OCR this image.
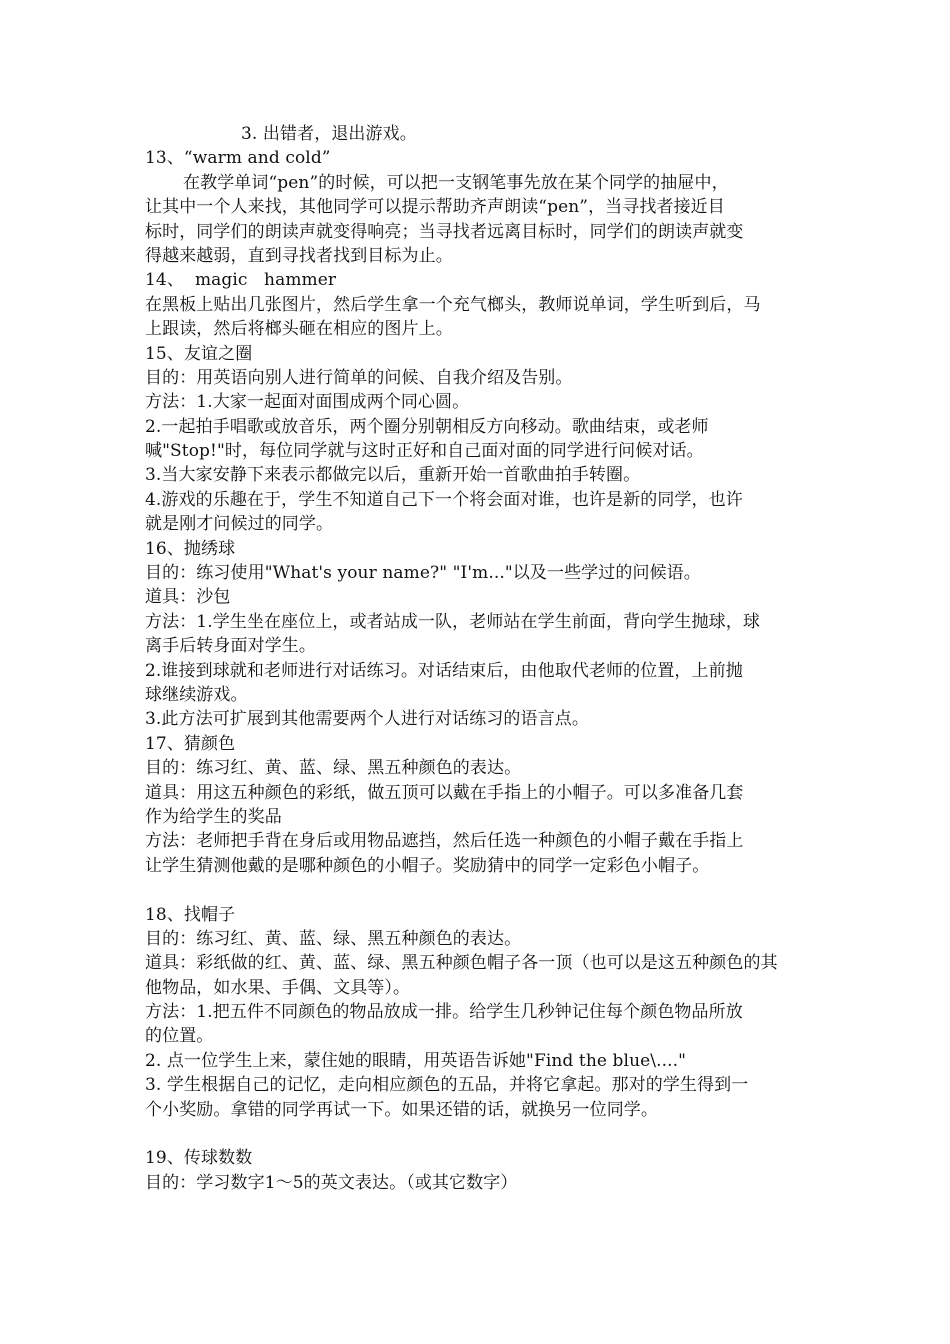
3. 出错者，退出游戏。
13、“warm and cold”
在教学单词“pen”的时候，可以把一支钢笔事先放在某个同学的抽屉中，
让其中一个人来找，其他同学可以提示帮助齐声朗读“pen”，当寻找者接近目
标时，同学们的朗读声就变得响亮；当寻找者远离目标时，同学们的朗读声就变
得越来越弱，直到寻找者找到目标为止。
14、  magic   hammer
在黑板上贴出几张图片，然后学生拿一个充气榔头，教师说单词，学生听到后，马
上跟读，然后将榔头砸在相应的图片上。
15、友谊之圈
目的：用英语向别人进行简单的问候、自我介绍及告别。
方法：1.大家一起面对面围成两个同心圆。
2.一起拍手唱歌或放音乐，两个圈分别朝相反方向移动。歌曲结束，或老师
喊"Stop!"时，每位同学就与这时正好和自己面对面的同学进行问候对话。
3.当大家安静下来表示都做完以后，重新开始一首歌曲拍手转圈。
4.游戏的乐趣在于，学生不知道自己下一个将会面对谁，也许是新的同学，也许
就是刚才问候过的同学。
16、抛绣球
目的：练习使用"What's your name?" "I'm..."以及一些学过的问候语。
道具：沙包
方法：1.学生坐在座位上，或者站成一队，老师站在学生前面，背向学生抛球，球
离手后转身面对学生。
2.谁接到球就和老师进行对话练习。对话结束后，由他取代老师的位置，上前抛
球继续游戏。
3.此方法可扩展到其他需要两个人进行对话练习的语言点。
17、猜颜色
目的：练习红、黄、蓝、绿、黑五种颜色的表达。
道具：用这五种颜色的彩纸，做五顶可以戴在手指上的小帽子。可以多准备几套
作为给学生的奖品
方法：老师把手背在身后或用物品遮挡，然后任选一种颜色的小帽子戴在手指上
让学生猜测他戴的是哪种颜色的小帽子。奖励猜中的同学一定彩色小帽子。
18、找帽子
目的：练习红、黄、蓝、绿、黑五种颜色的表达。
道具：彩纸做的红、黄、蓝、绿、黑五种颜色帽子各一顶（也可以是这五种颜色的其
他物品，如水果、手偶、文具等）。
方法：1.把五件不同颜色的物品放成一排。给学生几秒钟记住每个颜色物品所放
的位置。
2. 点一位学生上来，蒙住她的眼睛，用英语告诉她"Find the blue\...."
3. 学生根据自己的记忆，走向相应颜色的五品，并将它拿起。那对的学生得到一
个小奖励。拿错的同学再试一下。如果还错的话，就换另一位同学。
19、传球数数
目的：学习数字1～5的英文表达。（或其它数字）
